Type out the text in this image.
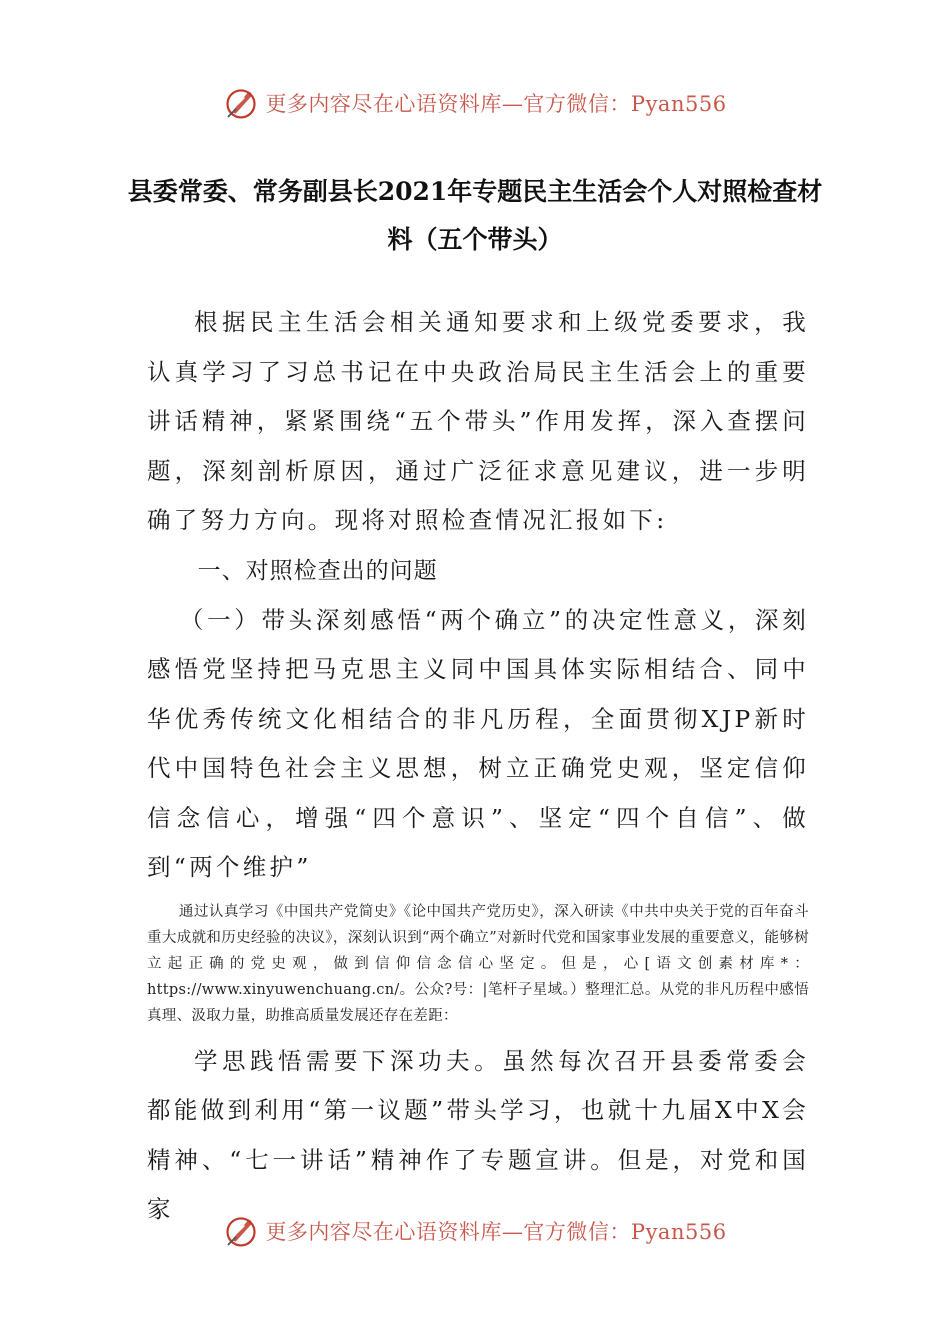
更多内容尽在心语资料库—官方微信：Pyan556
县委常委、常务副县长2021年专题民主生活会个人对照检查材料（五个带头）

根据民主生活会相关通知要求和上级党委要求，我认真学习了习总书记在中央政治局民主生活会上的重要讲话精神，紧紧围绕“五个带头”作用发挥，深入查摆问题，深刻剖析原因，通过广泛征求意见建议，进一步明确了努力方向。现将对照检查情况汇报如下:

一、对照检查出的问题

（一）带头深刻感悟“两个确立”的决定性意义，深刻感悟党坚持把马克思主义同中国具体实际相结合、同中华优秀传统文化相结合的非凡历程，全面贯彻XJP新时代中国特色社会主义思想，树立正确党史观，坚定信仰信念信心，增强“四个意识”、坚定“四个自信”、做到“两个维护”

通过认真学习《中国共产党简史》《论中国共产党历史》，深入研读《中共中央关于党的百年奋斗重大成就和历史经验的决议》，深刻认识到“两个确立”对新时代党和国家事业发展的重要意义，能够树立起正确的党史观，做到信仰信念信心坚定。但是，心[语文创素材库*：https://www.xinyuwenchuang.cn/。公众?号：|笔杆子星域。）整理汇总。从党的非凡历程中感悟真理、汲取力量，助推高质量发展还存在差距：

学思践悟需要下深功夫。虽然每次召开县委常委会都能做到利用“第一议题”带头学习，也就十九届X中X会精神、“七一讲话”精神作了专题宣讲。但是，对党和国家

更多内容尽在心语资料库—官方微信：Pyan556
